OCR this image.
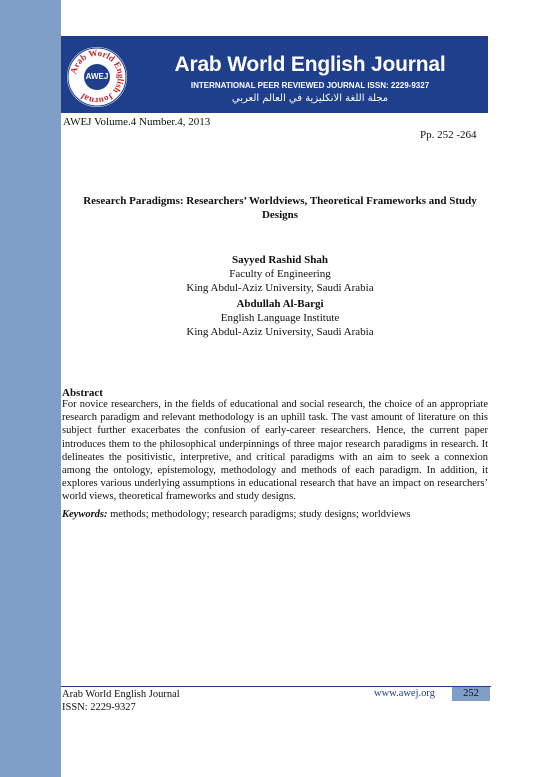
Arab World English Journal
AWEJ
Arab World English Journal
INTERNATIONAL PEER REVIEWED JOURNAL ISSN: 2229-9327
مجلة اللغة الانكليزية في العالم العربي
AWEJ Volume.4 Number.4, 2013
Pp. 252 -264
Research Paradigms: Researchers’ Worldviews, Theoretical Frameworks and Study Designs
Sayyed Rashid Shah
Faculty of Engineering
King Abdul-Aziz University, Saudi Arabia
Abdullah Al-Bargi
English Language Institute
King Abdul-Aziz University, Saudi Arabia
Abstract
For novice researchers, in the fields of educational and social research, the choice of an appropriate research paradigm and relevant methodology is an uphill task. The vast amount of literature on this subject further exacerbates the confusion of early-career researchers. Hence, the current paper introduces them to the philosophical underpinnings of three major research paradigms in research. It delineates the positivistic, interpretive, and critical paradigms with an aim to seek a connexion among the ontology, epistemology, methodology and methods of each paradigm. In addition, it explores various underlying assumptions in educational research that have an impact on researchers’ world views, theoretical frameworks and study designs.
Keywords: methods; methodology; research paradigms; study designs; worldviews
Arab World English Journal
ISSN: 2229-9327
www.awej.org	252
